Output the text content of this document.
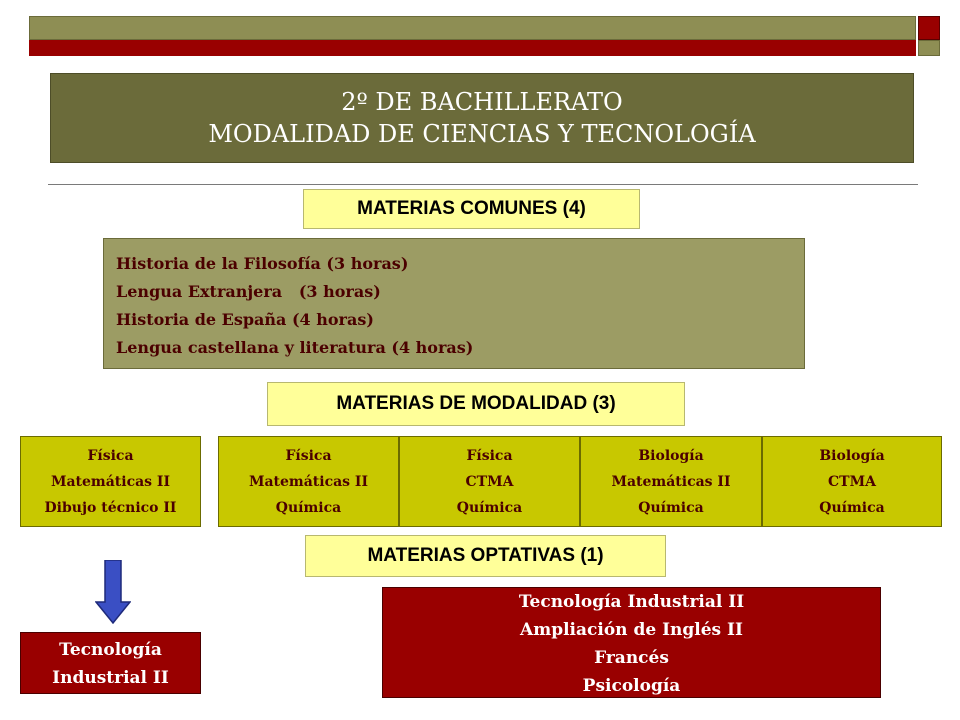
2º DE BACHILLERATO
MODALIDAD DE CIENCIAS Y TECNOLOGÍA
MATERIAS COMUNES (4)
Historia de la Filosofía (3 horas)
Lengua Extranjera   (3 horas)
Historia de España (4 horas)
Lengua castellana y literatura (4 horas)
MATERIAS DE MODALIDAD (3)
Física
Matemáticas II
Dibujo técnico II
Física
Matemáticas II
Química
Física
CTMA
Química
Biología
Matemáticas II
Química
Biología
CTMA
Química
MATERIAS OPTATIVAS (1)
Tecnología
Industrial II
Tecnología Industrial II
Ampliación de Inglés II
Francés
Psicología
